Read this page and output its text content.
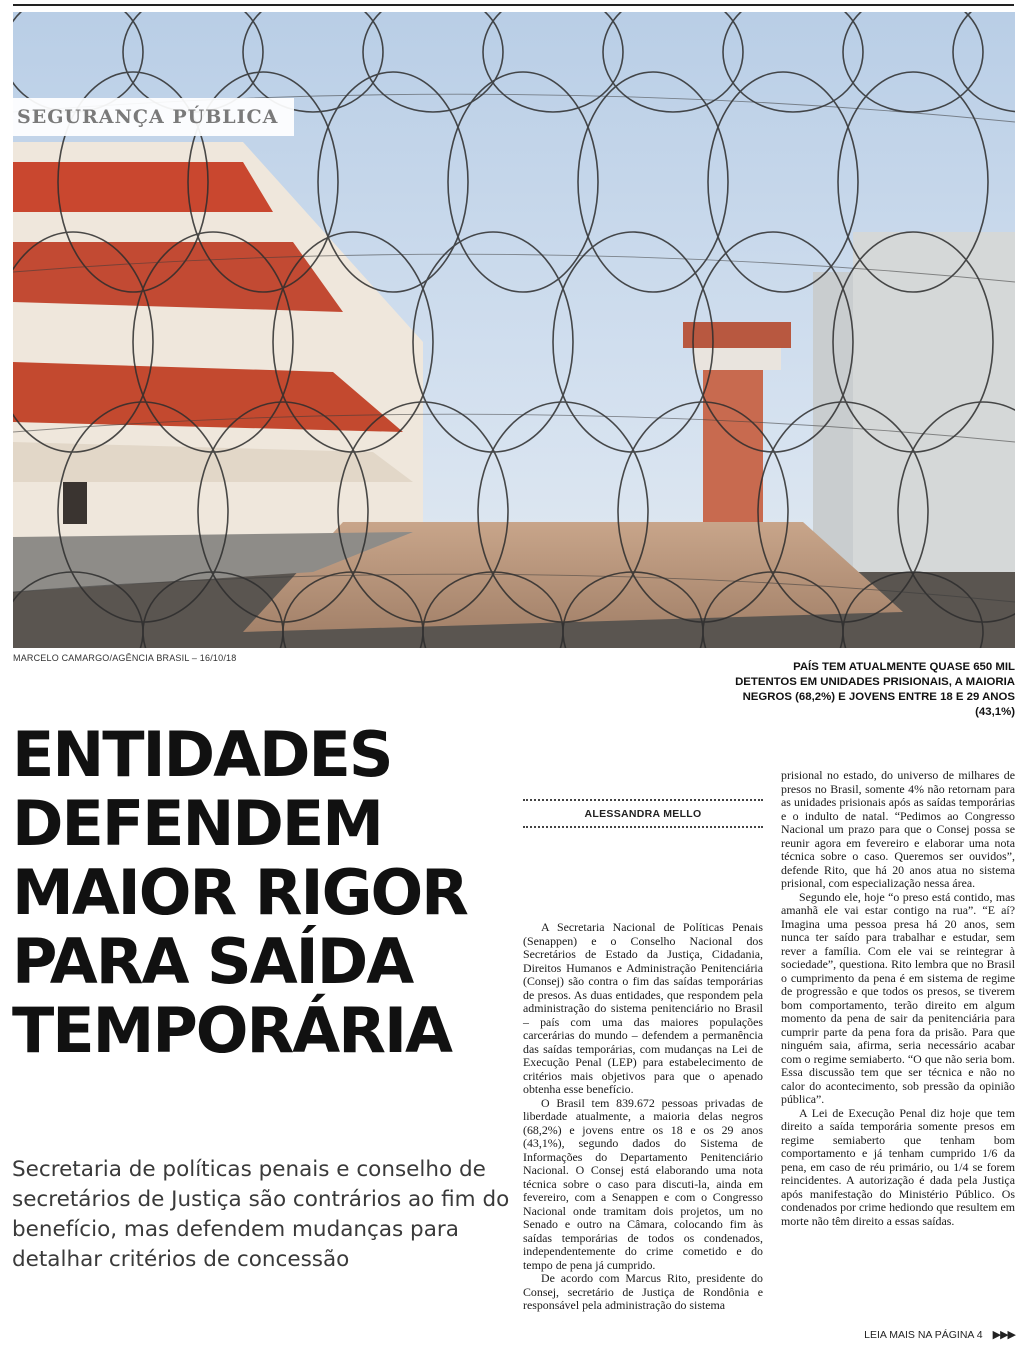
SEGURANÇA PÚBLICA
MARCELO CAMARGO/AGÊNCIA BRASIL – 16/10/18
PAÍS TEM ATUALMENTE QUASE 650 MIL DETENTOS EM UNIDADES PRISIONAIS, A MAIORIA NEGROS (68,2%) E JOVENS ENTRE 18 E 29 ANOS (43,1%)
ENTIDADES
DEFENDEM
MAIOR RIGOR
PARA SAÍDA
TEMPORÁRIA

Secretaria de políticas penais e conselho de secretários de Justiça são contrários ao fim do benefício, mas defendem mudanças para detalhar critérios de concessão

ALESSANDRA MELLO

A Secretaria Nacional de Políticas Penais (Senappen) e o Conselho Nacional dos Secretários de Estado da Justiça, Cidadania, Direitos Humanos e Administração Penitenciária (Consej) são contra o fim das saídas temporárias de presos. As duas entidades, que respondem pela administração do sistema penitenciário no Brasil – país com uma das maiores populações carcerárias do mundo – defendem a permanência das saídas temporárias, com mudanças na Lei de Execução Penal (LEP) para estabelecimento de critérios mais objetivos para que o apenado obtenha esse benefício.

O Brasil tem 839.672 pessoas privadas de liberdade atualmente, a maioria delas negros (68,2%) e jovens entre os 18 e os 29 anos (43,1%), segundo dados do Sistema de Informações do Departamento Penitenciário Nacional. O Consej está elaborando uma nota técnica sobre o caso para discuti-la, ainda em fevereiro, com a Senappen e com o Congresso Nacional onde tramitam dois projetos, um no Senado e outro na Câmara, colocando fim às saídas temporárias de todos os condenados, independentemente do crime cometido e do tempo de pena já cumprido.

De acordo com Marcus Rito, presidente do Consej, secretário de Justiça de Rondônia e responsável pela administração do sistema

prisional no estado, do universo de milhares de presos no Brasil, somente 4% não retornam para as unidades prisionais após as saídas temporárias e o indulto de natal. “Pedimos ao Congresso Nacional um prazo para que o Consej possa se reunir agora em fevereiro e elaborar uma nota técnica sobre o caso. Queremos ser ouvidos”, defende Rito, que há 20 anos atua no sistema prisional, com especialização nessa área.

Segundo ele, hoje “o preso está contido, mas amanhã ele vai estar contigo na rua”. “E aí? Imagina uma pessoa presa há 20 anos, sem nunca ter saído para trabalhar e estudar, sem rever a família. Com ele vai se reintegrar à sociedade”, questiona. Rito lembra que no Brasil o cumprimento da pena é em sistema de regime de progressão e que todos os presos, se tiverem bom comportamento, terão direito em algum momento da pena de sair da penitenciária para cumprir parte da pena fora da prisão. Para que ninguém saia, afirma, seria necessário acabar com o regime semiaberto. “O que não seria bom. Essa discussão tem que ser técnica e não no calor do acontecimento, sob pressão da opinião pública”.

A Lei de Execução Penal diz hoje que tem direito a saída temporária somente presos em regime semiaberto que tenham bom comportamento e já tenham cumprido 1/6 da pena, em caso de réu primário, ou 1/4 se forem reincidentes. A autorização é dada pela Justiça após manifestação do Ministério Público. Os condenados por crime hediondo que resultem em morte não têm direito a essas saídas.

LEIA MAIS NA PÁGINA 4 ▶▶▶
